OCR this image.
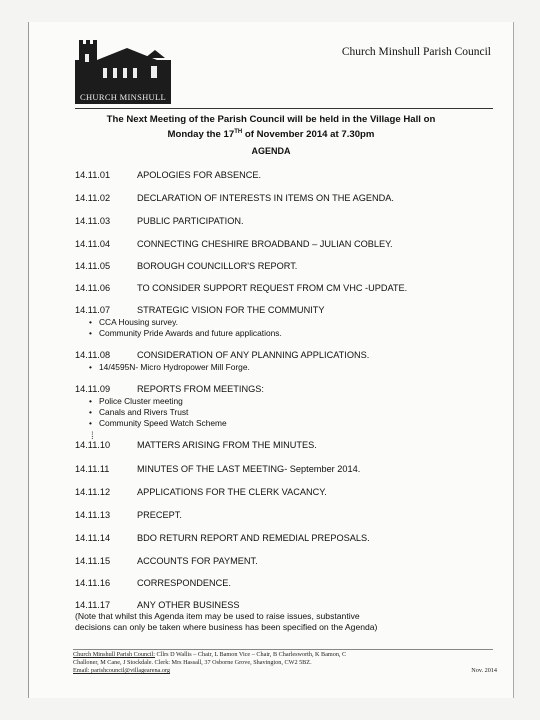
CHURCH MINSHULL
Church Minshull Parish Council
The Next Meeting of the Parish Council will be held in the Village Hall on
Monday the 17TH of November 2014 at 7.30pm
AGENDA
14.11.01	APOLOGIES FOR ABSENCE.
14.11.02	DECLARATION OF INTERESTS IN ITEMS ON THE AGENDA.
14.11.03	PUBLIC PARTICIPATION.
14.11.04	CONNECTING CHESHIRE BROADBAND – JULIAN COBLEY.
14.11.05	BOROUGH COUNCILLOR'S REPORT.
14.11.06	TO CONSIDER SUPPORT REQUEST FROM CM VHC -UPDATE.
14.11.07	STRATEGIC VISION FOR THE COMMUNITY
• CCA Housing survey.
• Community Pride Awards and future applications.
14.11.08	CONSIDERATION OF ANY PLANNING APPLICATIONS.
• 14/4595N- Micro Hydropower Mill Forge.
14.11.09	REPORTS FROM MEETINGS:
• Police Cluster meeting
• Canals and Rivers Trust
• Community Speed Watch Scheme
14.11.10	MATTERS ARISING FROM THE MINUTES.
14.11.11	MINUTES OF THE LAST MEETING- September 2014.
14.11.12	APPLICATIONS FOR THE CLERK VACANCY.
14.11.13	PRECEPT.
14.11.14	BDO RETURN REPORT AND REMEDIAL PREPOSALS.
14.11.15	ACCOUNTS FOR PAYMENT.
14.11.16	CORRESPONDENCE.
14.11.17	ANY OTHER BUSINESS
(Note that whilst this Agenda item may be used to raise issues, substantive
decisions can only be taken where business has been specified on the Agenda)
⁞
Church Minshull Parish Council: Cllrs D Wallis – Chair, L Bamon Vice – Chair, B Charlesworth, K Bamon, C
Challoner, M Cane, J Stockdale. Clerk: Mrs Hassall, 37 Osborne Grove, Shavington, CW2 5BZ.
Email: parishcouncil@villagearena.org	Nov. 2014
